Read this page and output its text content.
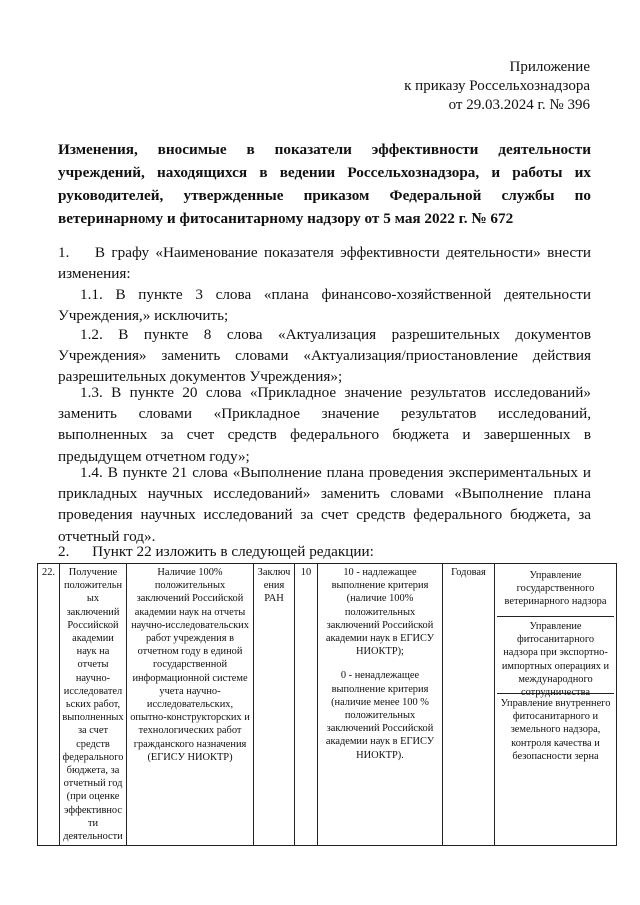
Приложение
к приказу Россельхознадзора
от 29.03.2024 г. № 396
Изменения, вносимые в показатели эффективности деятельности учреждений, находящихся в ведении Россельхознадзора, и работы их руководителей, утвержденные приказом Федеральной службы по ветеринарному и фитосанитарному надзору от 5 мая 2022 г. № 672

1.    В графу «Наименование показателя эффективности деятельности» внести изменения:

1.1. В пункте 3 слова «плана финансово-хозяйственной деятельности Учреждения,» исключить;

1.2. В пункте 8 слова «Актуализация разрешительных документов Учреждения» заменить словами «Актуализация/приостановление действия разрешительных документов Учреждения»;

1.3. В пункте 20 слова «Прикладное значение результатов исследований» заменить словами «Прикладное значение результатов исследований, выполненных за счет средств федерального бюджета и завершенных в предыдущем отчетном году»;

1.4. В пункте 21 слова «Выполнение плана проведения экспериментальных и прикладных научных исследований» заменить словами «Выполнение плана проведения научных исследований за счет средств федерального бюджета, за отчетный год».

2.      Пункт 22 изложить в следующей редакции:

22.	Получение положительных заключений Российской академии наук на отчеты научно-исследовательских работ, выполненных за счет средств федерального бюджета, за отчетный год (при оценке эффективности деятельности	Наличие 100% положительных заключений Российской академии наук на отчеты научно-исследовательских работ учреждения в отчетном году в единой государственной информационной системе учета научно-исследовательских, опытно-конструкторских и технологических работ гражданского назначения (ЕГИСУ НИОКТР)	Заключения РАН	10	10 - надлежащее выполнение критерия (наличие 100% положительных заключений Российской академии наук в ЕГИСУ НИОКТР);
0 - ненадлежащее выполнение критерия (наличие менее 100 % положительных заключений Российской академии наук в ЕГИСУ НИОКТР).
	Годовая	Управление государственного ветеринарного надзора
Управление фитосанитарного надзора при экспортно-импортных операциях и международного сотрудничества
Управление внутреннего фитосанитарного и земельного надзора, контроля качества и безопасности зерна
